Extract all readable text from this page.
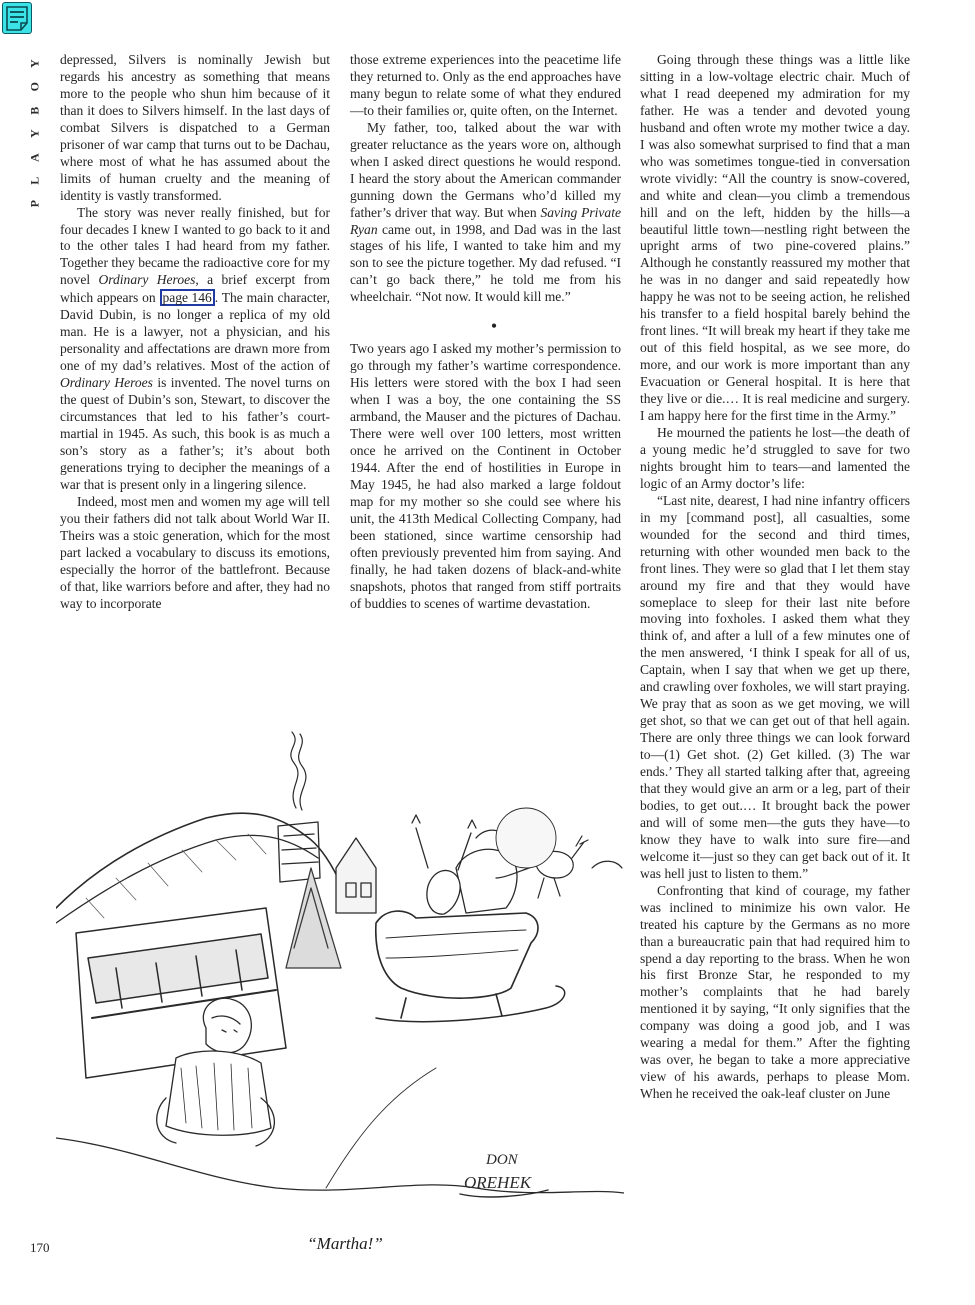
Y
O
B
Y
A
L
P

depressed, Silvers is nominally Jewish but regards his ancestry as something that means more to the people who shun him because of it than it does to Silvers himself. In the last days of combat Silvers is dispatched to a German prisoner of war camp that turns out to be Dachau, where most of what he has assumed about the limits of human cruelty and the meaning of identity is vastly transformed.

The story was never really finished, but for four decades I knew I wanted to go back to it and to the other tales I had heard from my father. Together they became the radioactive core for my novel Ordinary Heroes, a brief excerpt from which appears on page 146 . The main character, David Dubin, is no longer a replica of my old man. He is a lawyer, not a physician, and his personality and affectations are drawn more from one of my dad’s relatives. Most of the action of Ordinary Heroes is invented. The novel turns on the quest of Dubin’s son, Stewart, to discover the circumstances that led to his father’s court-martial in 1945. As such, this book is as much a son’s story as a father’s; it’s about both generations trying to decipher the meanings of a war that is present only in a lingering silence.

Indeed, most men and women my age will tell you their fathers did not talk about World War II. Theirs was a stoic generation, which for the most part lacked a vocabulary to discuss its emotions, especially the horror of the battlefront. Because of that, like warriors before and after, they had no way to incorporate

those extreme experiences into the peacetime life they returned to. Only as the end approaches have many begun to relate some of what they endured—to their families or, quite often, on the Internet.

My father, too, talked about the war with greater reluctance as the years wore on, although when I asked direct questions he would respond. I heard the story about the American commander gunning down the Germans who’d killed my father’s driver that way. But when Saving Private Ryan came out, in 1998, and Dad was in the last stages of his life, I wanted to take him and my son to see the picture together. My dad refused. “I can’t go back there,” he told me from his wheelchair. “Not now. It would kill me.”

•

Two years ago I asked my mother’s permission to go through my father’s wartime correspondence. His letters were stored with the box I had seen when I was a boy, the one containing the SS armband, the Mauser and the pictures of Dachau. There were well over 100 letters, most written once he arrived on the Continent in October 1944. After the end of hostilities in Europe in May 1945, he had also marked a large foldout map for my mother so she could see where his unit, the 413th Medical Collecting Company, had been stationed, since wartime censorship had often previously prevented him from saying. And finally, he had taken dozens of black-and-white snapshots, photos that ranged from stiff portraits of buddies to scenes of wartime devastation.

Going through these things was a little like sitting in a low-voltage electric chair. Much of what I read deepened my admiration for my father. He was a tender and devoted young husband and often wrote my mother twice a day. I was also somewhat surprised to find that a man who was sometimes tongue-tied in conversation wrote vividly: “All the country is snow-covered, and white and clean—you climb a tremendous hill and on the left, hidden by the hills—a beautiful little town—nestling right between the upright arms of two pine-covered plains.” Although he constantly reassured my mother that he was in no danger and said repeatedly how happy he was not to be seeing action, he relished his transfer to a field hospital barely behind the front lines. “It will break my heart if they take me out of this field hospital, as we see more, do more, and our work is more important than any Evacuation or General hospital. It is here that they live or die.… It is real medicine and surgery. I am happy here for the first time in the Army.”

He mourned the patients he lost—the death of a young medic he’d struggled to save for two nights brought him to tears—and lamented the logic of an Army doctor’s life:

“Last nite, dearest, I had nine infantry officers in my [command post], all casualties, some wounded for the second and third times, returning with other wounded men back to the front lines. They were so glad that I let them stay around my fire and that they would have someplace to sleep for their last nite before moving into foxholes. I asked them what they think of, and after a lull of a few minutes one of the men answered, ‘I think I speak for all of us, Captain, when I say that when we get up there, and crawling over foxholes, we will start praying. We pray that as soon as we get moving, we will get shot, so that we can get out of that hell again. There are only three things we can look forward to—(1) Get shot. (2) Get killed. (3) The war ends.’ They all started talking after that, agreeing that they would give an arm or a leg, part of their bodies, to get out.… It brought back the power and will of some men—the guts they have—to know they have to walk into sure fire—and welcome it—just so they can get back out of it. It was hell just to listen to them.”

Confronting that kind of courage, my father was inclined to minimize his own valor. He treated his capture by the Germans as no more than a bureaucratic pain that had required him to spend a day reporting to the brass. When he won his first Bronze Star, he responded to my mother’s complaints that he had barely mentioned it by saying, “It only signifies that the company was doing a good job, and I was wearing a medal for them.” After the fighting was over, he began to take a more appreciative view of his awards, perhaps to please Mom. When he received the oak-leaf cluster on June

DON
OREHEK
“Martha!”
170
